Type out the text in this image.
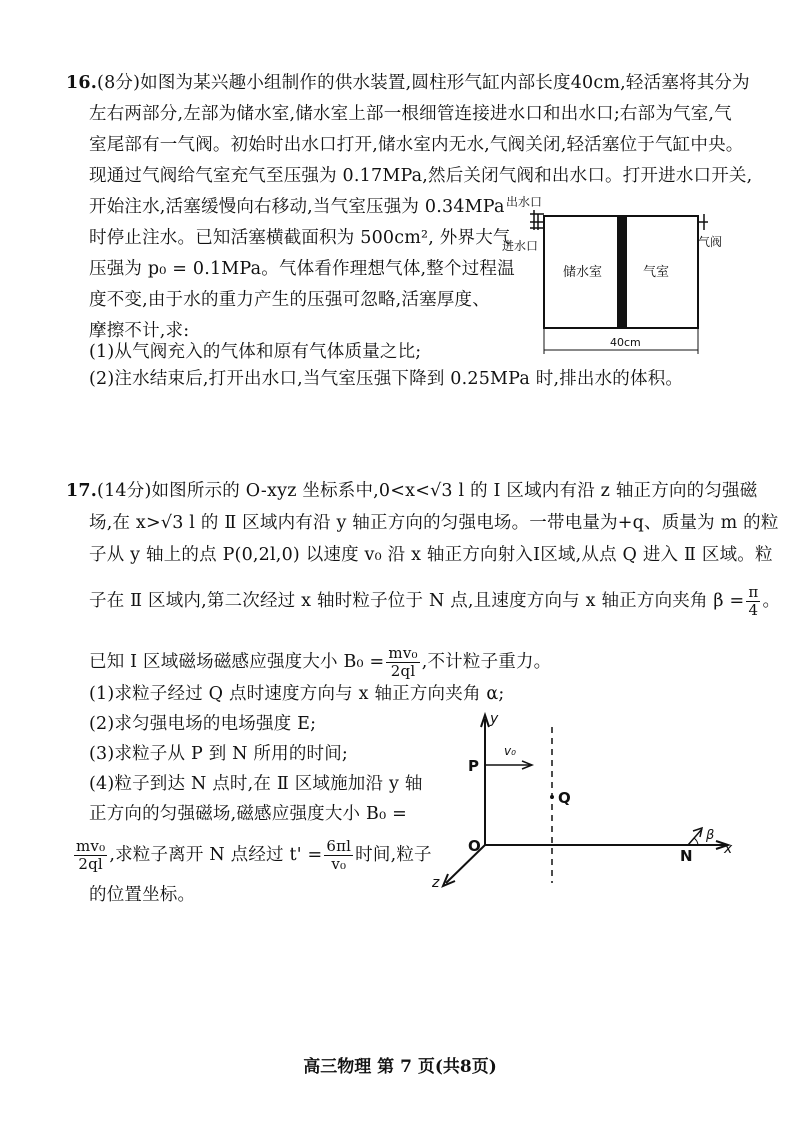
16.(8分)如图为某兴趣小组制作的供水装置,圆柱形气缸内部长度40cm,轻活塞将其分为
左右两部分,左部为储水室,储水室上部一根细管连接进水口和出水口;右部为气室,气
室尾部有一气阀。初始时出水口打开,储水室内无水,气阀关闭,轻活塞位于气缸中央。
现通过气阀给气室充气至压强为 0.17MPa,然后关闭气阀和出水口。打开进水口开关,
开始注水,活塞缓慢向右移动,当气室压强为 0.34MPa
时停止注水。已知活塞横截面积为 500cm², 外界大气
压强为 p₀ = 0.1MPa。气体看作理想气体,整个过程温
度不变,由于水的重力产生的压强可忽略,活塞厚度、
摩擦不计,求:
(1)从气阀充入的气体和原有气体质量之比;
(2)注水结束后,打开出水口,当气室压强下降到 0.25MPa 时,排出水的体积。
出水口
进水口	气阀
储水室	气室
40cm
17.(14分)如图所示的 O-xyz 坐标系中,0<x<√3 l 的 Ⅰ 区域内有沿 z 轴正方向的匀强磁
场,在 x>√3 l 的 Ⅱ 区域内有沿 y 轴正方向的匀强电场。一带电量为+q、质量为 m 的粒
子从 y 轴上的点 P(0,2l,0) 以速度 v₀ 沿 x 轴正方向射入Ⅰ区域,从点 Q 进入 Ⅱ 区域。粒
子在 Ⅱ 区域内,第二次经过 x 轴时粒子位于 N 点,且速度方向与 x 轴正方向夹角 $\beta = \frac{\pi}{4}$ 。
已知 Ⅰ 区域磁场磁感应强度大小 $B_0 = \frac{\text{mv₀}}{2ql}$ ,不计粒子重力。
(1)求粒子经过 Q 点时速度方向与 x 轴正方向夹角 α;
(2)求匀强电场的电场强度 E;
(3)求粒子从 P 到 N 所用的时间;
(4)粒子到达 N 点时,在 Ⅱ 区域施加沿 y 轴
正方向的匀强磁场,磁感应强度大小 B₀ =
$\frac{\text{mv₀}}{2ql}$ ,求粒子离开 N 点经过 $t' = \frac{6\pi l}{\text{v₀}}$ 时间,粒子
的位置坐标。
y
x
z
O
P
v₀
Q
N
β
高三物理 第 7 页(共8页)
